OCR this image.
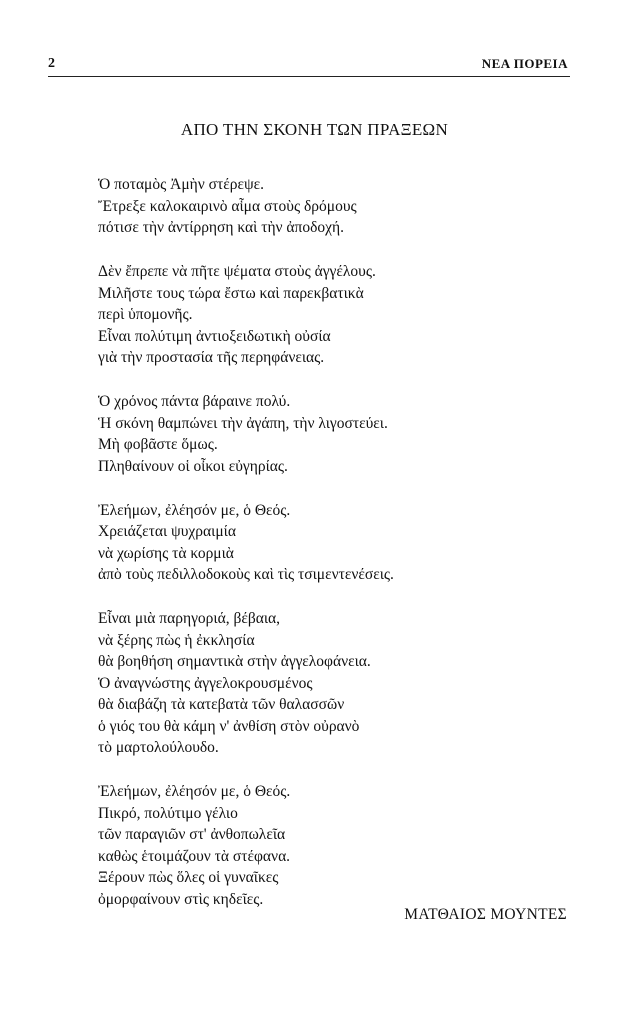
2	ΝΕΑ ΠΟΡΕΙΑ
ΑΠΟ ΤΗΝ ΣΚΟΝΗ ΤΩΝ ΠΡΑΞΕΩΝ
Ὁ ποταμὸς Ἀμὴν στέρεψε.
Ἔτρεξε καλοκαιρινὸ αἷμα στοὺς δρόμους
πότισε τὴν ἀντίρρηση καὶ τὴν ἀποδοχή.
Δὲν ἔπρεπε νὰ πῆτε ψέματα στοὺς ἀγγέλους.
Μιλῆστε τους τώρα ἔστω καὶ παρεκβατικὰ
περὶ ὑπομονῆς.
Εἶναι πολύτιμη ἀντιοξειδωτικὴ οὐσία
γιὰ τὴν προστασία τῆς περηφάνειας.
Ὁ χρόνος πάντα βάραινε πολύ.
Ἡ σκόνη θαμπώνει τὴν ἀγάπη, τὴν λιγοστεύει.
Μὴ φοβᾶστε ὅμως.
Πληθαίνουν οἱ οἶκοι εὐγηρίας.
Ἐλεήμων, ἐλέησόν με, ὁ Θεός.
Χρειάζεται ψυχραιμία
νὰ χωρίσης τὰ κορμιὰ
ἀπὸ τοὺς πεδιλλοδοκοὺς καὶ τὶς τσιμεντενέσεις.
Εἶναι μιὰ παρηγοριά, βέβαια,
νὰ ξέρης πὼς ἡ ἐκκλησία
θὰ βοηθήση σημαντικὰ στὴν ἀγγελοφάνεια.
Ὁ ἀναγνώστης ἀγγελοκρουσμένος
θὰ διαβάζη τὰ κατεβατὰ τῶν θαλασσῶν
ὁ γιός του θὰ κάμη ν' ἀνθίση στὸν οὐρανὸ
τὸ μαρτολούλουδο.
Ἐλεήμων, ἐλέησόν με, ὁ Θεός.
Πικρό, πολύτιμο γέλιο
τῶν παραγιῶν στ' ἀνθοπωλεῖα
καθὼς ἑτοιμάζουν τὰ στέφανα.
Ξέρουν πὼς ὅλες οἱ γυναῖκες
ὀμορφαίνουν στὶς κηδεῖες.
ΜΑΤΘΑΙΟΣ ΜΟΥΝΤΕΣ
